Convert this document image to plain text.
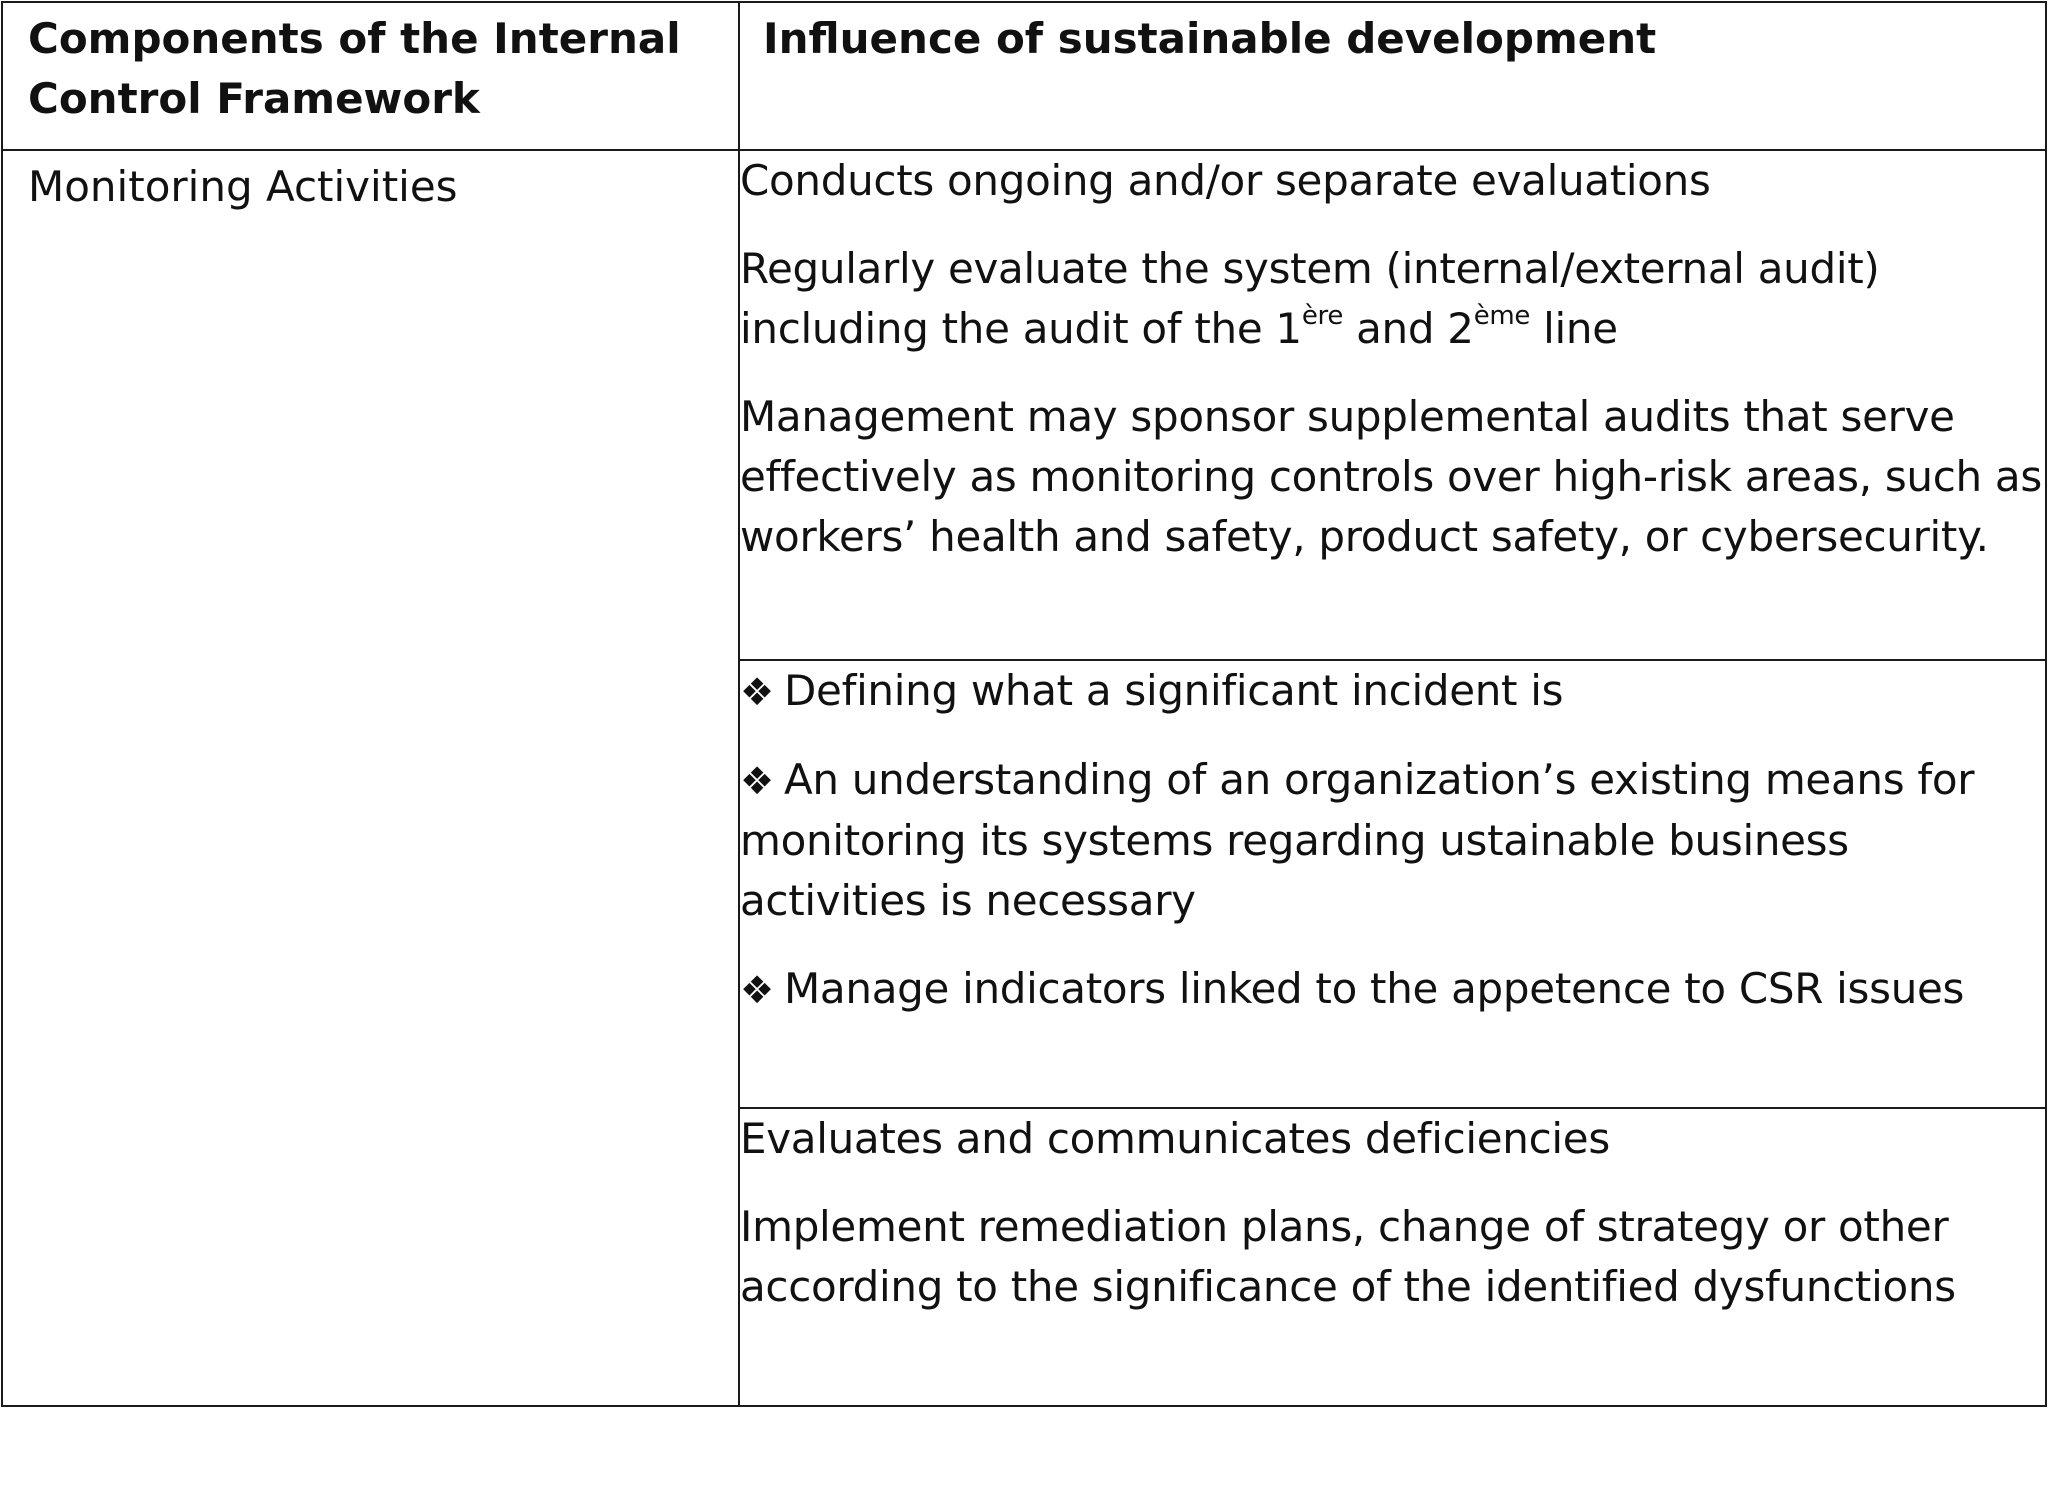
Components of the Internal Control Framework	Influence of sustainable development

Monitoring Activities	Conducts ongoing and/or separate evaluations
Regularly evaluate the system (internal/external audit) including the audit of the 1ère and 2ème line
Management may sponsor supplemental audits that serve effectively as monitoring controls over high-risk areas, such as workers’ health and safety, product safety, or cybersecurity.

	❖ Defining what a significant incident is
❖ An understanding of an organization’s existing means for monitoring its systems regarding ustainable business activities is necessary
❖ Manage indicators linked to the appetence to CSR issues

	Evaluates and communicates deficiencies
Implement remediation plans, change of strategy or other according to the significance of the identified dysfunctions
